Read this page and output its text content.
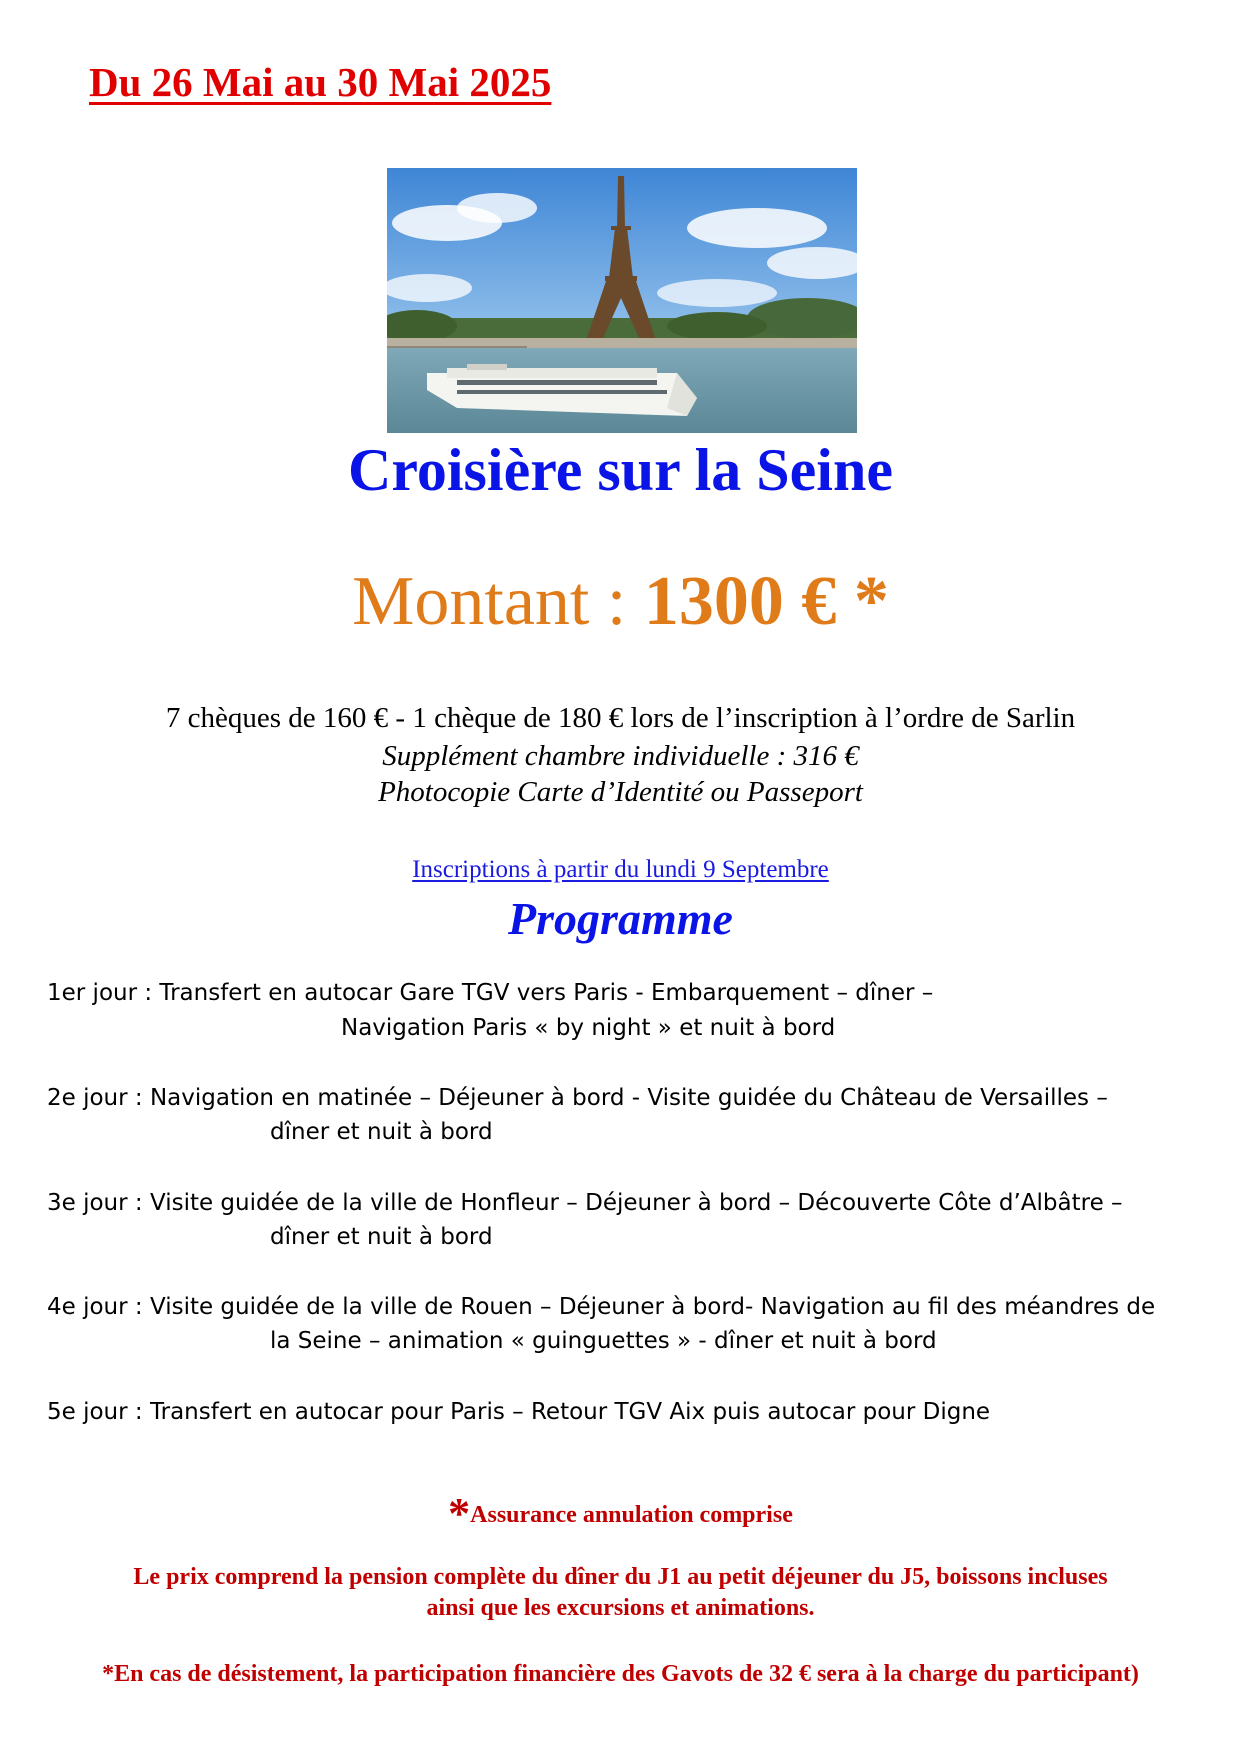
Du 26 Mai au 30 Mai 2025
Croisière sur la Seine
Montant : 1300 € *
7 chèques de 160 € - 1 chèque de 180 € lors de l’inscription à l’ordre de Sarlin
Supplément chambre individuelle : 316 €
Photocopie Carte d’Identité ou Passeport
Inscriptions à partir du lundi 9 Septembre
Programme
1er jour : Transfert en autocar Gare TGV vers Paris - Embarquement – dîner –
Navigation Paris « by night » et nuit à bord
2e jour : Navigation en matinée – Déjeuner à bord - Visite guidée du Château de Versailles –
dîner et nuit à bord
3e jour : Visite guidée de la ville de Honfleur – Déjeuner à bord – Découverte Côte d’Albâtre –
dîner et nuit à bord
4e jour : Visite guidée de la ville de Rouen – Déjeuner à bord- Navigation au fil des méandres de
la Seine – animation « guinguettes » - dîner et nuit à bord
5e jour : Transfert en autocar pour Paris – Retour TGV Aix puis autocar pour Digne
*Assurance annulation comprise
Le prix comprend la pension complète du dîner du J1 au petit déjeuner du J5, boissons incluses
ainsi que les excursions et animations.
*En cas de désistement, la participation financière des Gavots de 32 € sera à la charge du participant)
